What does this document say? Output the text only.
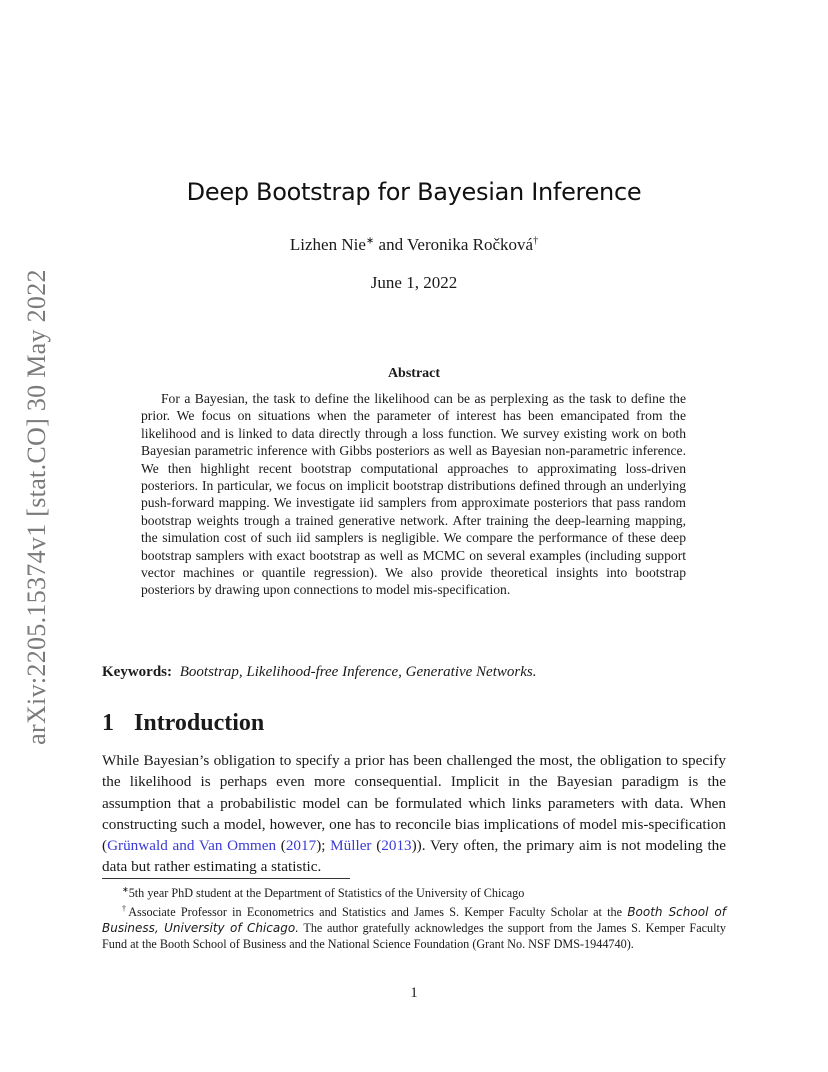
arXiv:2205.15374v1 [stat.CO] 30 May 2022
Deep Bootstrap for Bayesian Inference
Lizhen Nie∗ and Veronika Ročková†
June 1, 2022
Abstract

For a Bayesian, the task to define the likelihood can be as perplexing as the task to define the prior. We focus on situations when the parameter of interest has been emancipated from the likelihood and is linked to data directly through a loss function. We survey existing work on both Bayesian parametric inference with Gibbs posteriors as well as Bayesian non-parametric inference. We then highlight recent bootstrap computational approaches to approximating loss-driven posteriors. In particular, we focus on implicit bootstrap distributions defined through an underlying push-forward mapping. We investigate iid samplers from approximate posteriors that pass random bootstrap weights trough a trained generative network. After training the deep-learning mapping, the simulation cost of such iid samplers is negligible. We compare the performance of these deep bootstrap samplers with exact bootstrap as well as MCMC on several examples (including support vector machines or quantile regression). We also provide theoretical insights into bootstrap posteriors by drawing upon connections to model mis-specification.

Keywords: Bootstrap, Likelihood-free Inference, Generative Networks.
1 Introduction

While Bayesian’s obligation to specify a prior has been challenged the most, the obligation to specify the likelihood is perhaps even more consequential. Implicit in the Bayesian paradigm is the assumption that a probabilistic model can be formulated which links parameters with data. When constructing such a model, however, one has to reconcile bias implications of model mis-specification (Grünwald and Van Ommen (2017); Müller (2013)). Very often, the primary aim is not modeling the data but rather estimating a statistic.

∗5th year PhD student at the Department of Statistics of the University of Chicago

†Associate Professor in Econometrics and Statistics and James S. Kemper Faculty Scholar at the Booth School of Business, University of Chicago. The author gratefully acknowledges the support from the James S. Kemper Faculty Fund at the Booth School of Business and the National Science Foundation (Grant No. NSF DMS-1944740).

1
